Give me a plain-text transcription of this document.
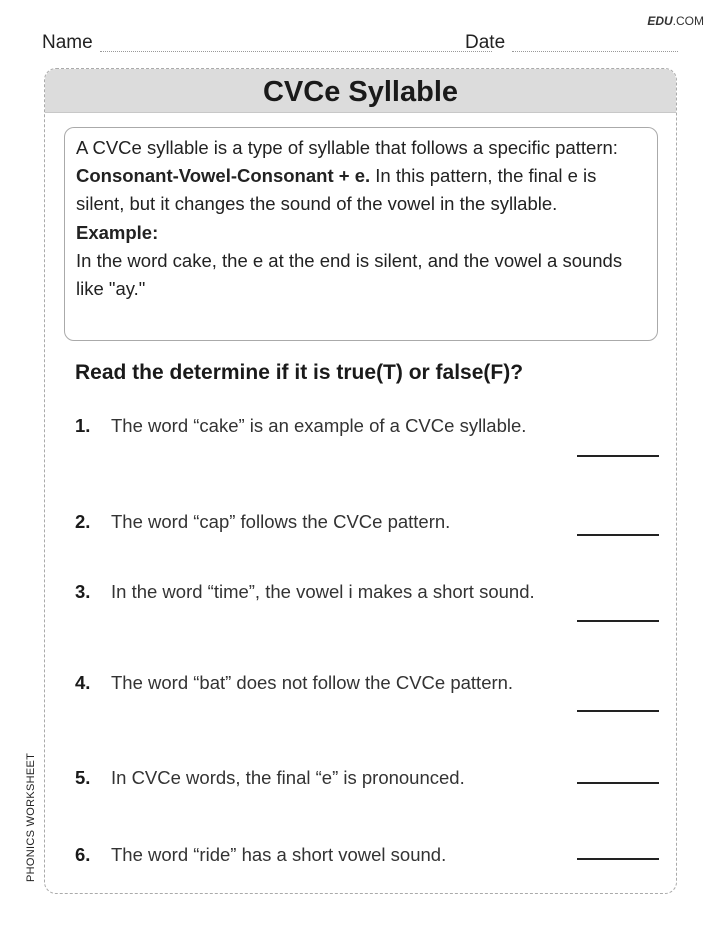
EDU.COM
Name	Date
CVCe Syllable

A CVCe syllable is a type of syllable that follows a specific pattern: Consonant-Vowel-Consonant + e. In this pattern, the final e is silent, but it changes the sound of the vowel in the syllable.

Example:

In the word cake, the e at the end is silent, and the vowel a sounds like "ay."

Read the determine if it is true(T) or false(F)?
1.	The word “cake” is an example of a CVCe syllable.
2.	The word “cap” follows the CVCe pattern.
3.	In the word “time”, the vowel i makes a short sound.
4.	The word “bat” does not follow the CVCe pattern.
5.	In CVCe words, the final “e” is pronounced.
6.	The word “ride” has a short vowel sound.
PHONICS WORKSHEET
